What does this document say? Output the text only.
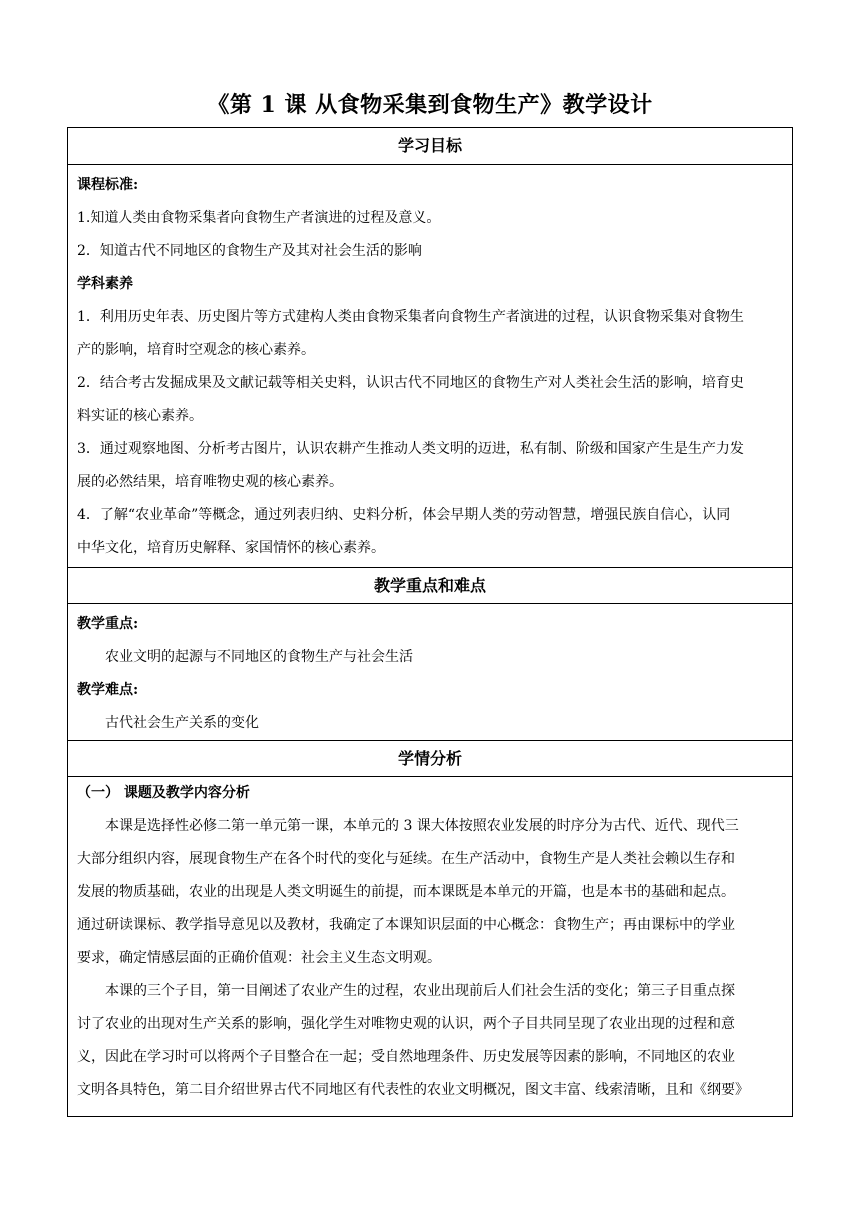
《第 1 课 从食物采集到食物生产》教学设计
学习目标
课程标准:
1.知道人类由食物采集者向食物生产者演进的过程及意义。
2．知道古代不同地区的食物生产及其对社会生活的影响
学科素养
1．利用历史年表、历史图片等方式建构人类由食物采集者向食物生产者演进的过程，认识食物采集对食物生
产的影响，培育时空观念的核心素养。
2．结合考古发掘成果及文献记载等相关史料，认识古代不同地区的食物生产对人类社会生活的影响，培育史
料实证的核心素养。
3．通过观察地图、分析考古图片，认识农耕产生推动人类文明的迈进，私有制、阶级和国家产生是生产力发
展的必然结果，培育唯物史观的核心素养。
4．了解“农业革命”等概念，通过列表归纳、史料分析，体会早期人类的劳动智慧，增强民族自信心，认同
中华文化，培育历史解释、家国情怀的核心素养。
教学重点和难点
教学重点:
农业文明的起源与不同地区的食物生产与社会生活
教学难点:
古代社会生产关系的变化
学情分析
（一） 课题及教学内容分析
本课是选择性必修二第一单元第一课，本单元的 3 课大体按照农业发展的时序分为古代、近代、现代三
大部分组织内容，展现食物生产在各个时代的变化与延续。在生产活动中，食物生产是人类社会赖以生存和
发展的物质基础，农业的出现是人类文明诞生的前提，而本课既是本单元的开篇，也是本书的基础和起点。
通过研读课标、教学指导意见以及教材，我确定了本课知识层面的中心概念：食物生产；再由课标中的学业
要求，确定情感层面的正确价值观：社会主义生态文明观。
本课的三个子目，第一目阐述了农业产生的过程，农业出现前后人们社会生活的变化；第三子目重点探
讨了农业的出现对生产关系的影响，强化学生对唯物史观的认识，两个子目共同呈现了农业出现的过程和意
义，因此在学习时可以将两个子目整合在一起；受自然地理条件、历史发展等因素的影响，不同地区的农业
文明各具特色，第二目介绍世界古代不同地区有代表性的农业文明概况，图文丰富、线索清晰，且和《纲要》
